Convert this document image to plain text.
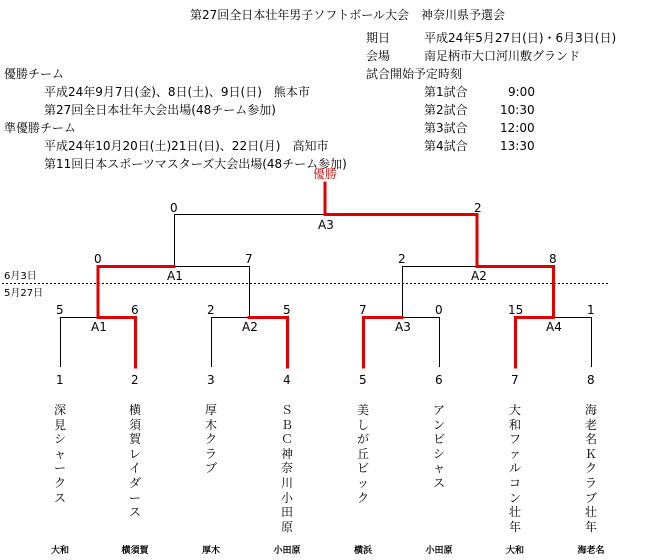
第27回全日本壮年男子ソフトボール大会　神奈川県予選会
期日	平成24年5月27日(日)・6月3日(日)
会場	南足柄市大口河川敷グランド
試合開始予定時刻
第1試合	9:00
第2試合	10:30
第3試合	12:00
第4試合	13:30
優勝チーム
平成24年9月7日(金)、8日(土)、9日(日)　熊本市
第27回全日本壮年大会出場(48チーム参加)
準優勝チーム
平成24年10月20日(土)21日(日)、22日(月)　高知市
第11回日本スポーツマスターズ大会出場(48チーム参加)
優勝
6月3日
5月27日
0	2
A3
0	7
A1
2	8
A2
5	6
A1
2	5
A2
7	0
A3
15	1
A4
1	2	3	4	5	6	7	8
深見シャークス
横須賀レイダース
厚木クラブ
ＳＢＣ神奈川小田原
美しが丘ビック
アンビシャス
大和ファルコン壮年
海老名Ｋクラブ壮年
大和	横須賀	厚木	小田原	横浜	小田原	大和	海老名
